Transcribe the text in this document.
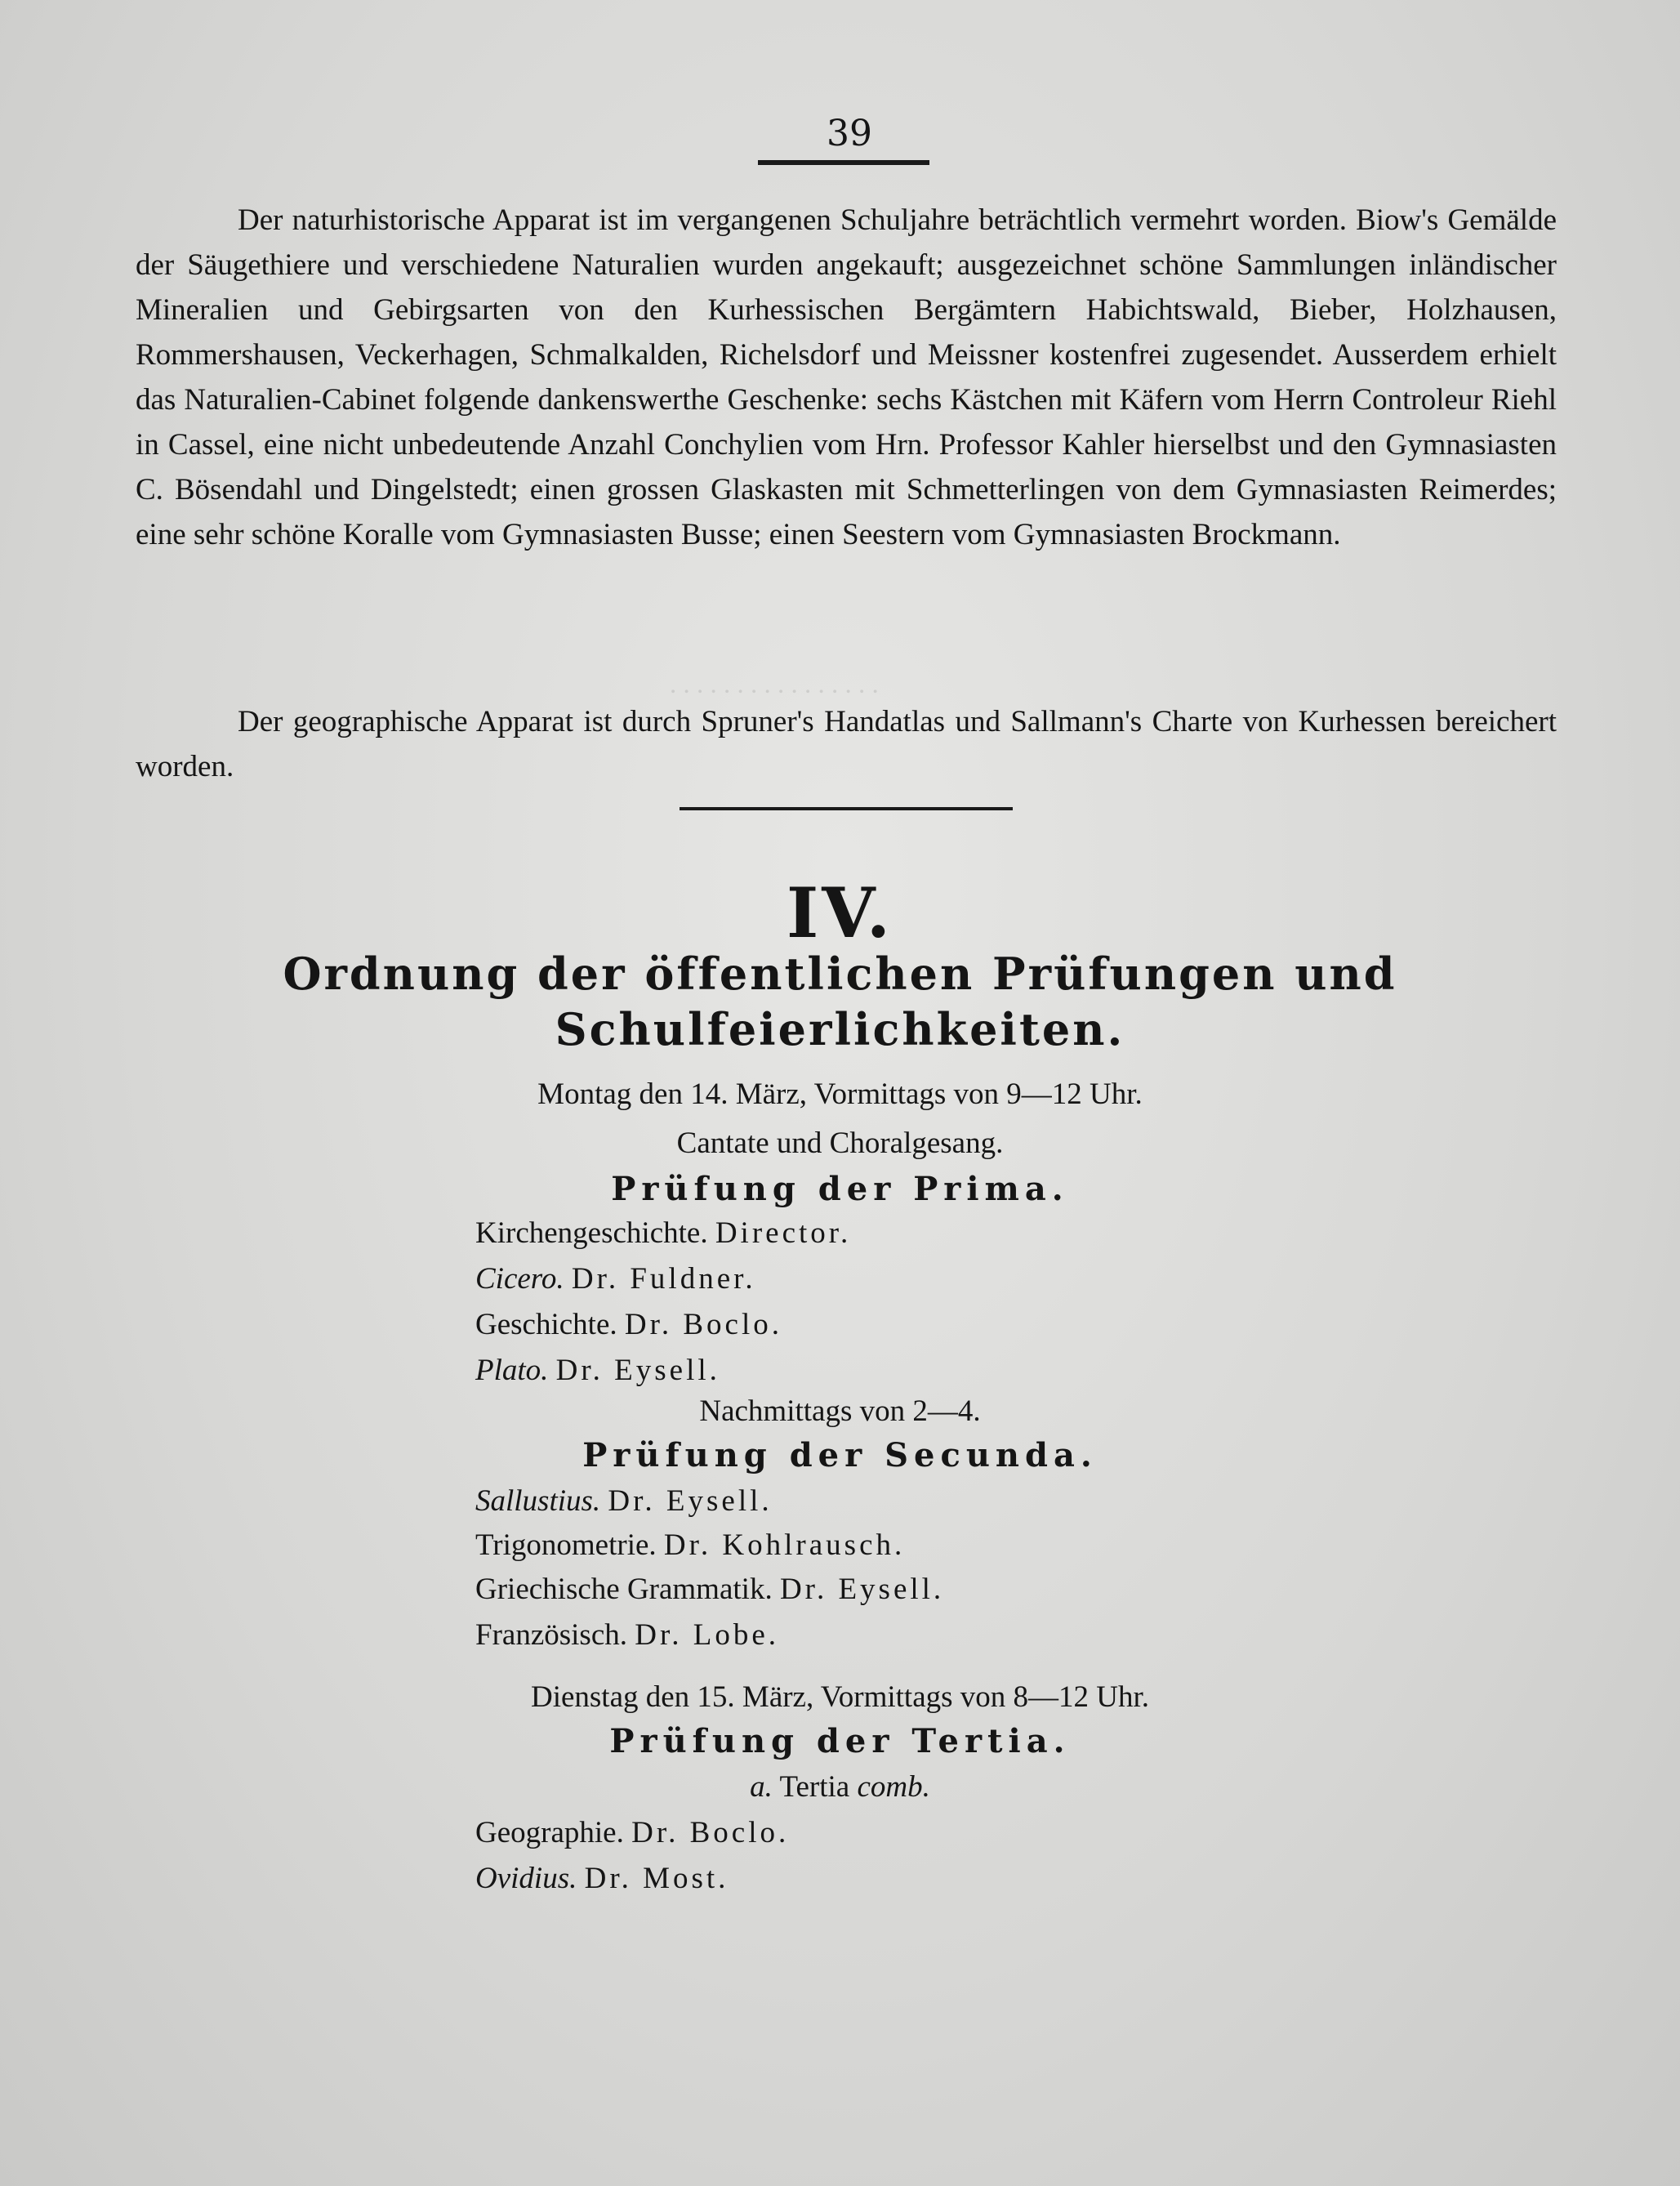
. . . . . . . . . . . . . . . .
39

Der naturhistorische Apparat ist im vergangenen Schuljahre beträchtlich vermehrt worden. Biow's Gemälde der Säugethiere und verschiedene Naturalien wurden angekauft; ausgezeichnet schöne Sammlungen inländischer Mineralien und Gebirgsarten von den Kurhessischen Bergämtern Habichtswald, Bieber, Holzhausen, Rommershausen, Veckerhagen, Schmalkalden, Richelsdorf und Meissner kostenfrei zugesendet. Ausserdem erhielt das Naturalien-Cabinet folgende dankenswerthe Geschenke: sechs Kästchen mit Käfern vom Herrn Controleur Riehl in Cassel, eine nicht unbedeutende Anzahl Conchylien vom Hrn. Professor Kahler hierselbst und den Gymnasiasten C. Bösendahl und Dingelstedt; einen grossen Glaskasten mit Schmetterlingen von dem Gymnasiasten Reimerdes; eine sehr schöne Koralle vom Gymnasiasten Busse; einen Seestern vom Gymnasiasten Brockmann.

Der geographische Apparat ist durch Spruner's Handatlas und Sallmann's Charte von Kurhessen bereichert worden.

IV.
Ordnung der öffentlichen Prüfungen und
Schulfeierlichkeiten.
Montag den 14. März, Vormittags von 9—12 Uhr.
Cantate und Choralgesang.
Prüfung der Prima.
Kirchengeschichte. Director.
Cicero. Dr. Fuldner.
Geschichte. Dr. Boclo.
Plato. Dr. Eysell.
Nachmittags von 2—4.
Prüfung der Secunda.
Sallustius. Dr. Eysell.
Trigonometrie. Dr. Kohlrausch.
Griechische Grammatik. Dr. Eysell.
Französisch. Dr. Lobe.
Dienstag den 15. März, Vormittags von 8—12 Uhr.
Prüfung der Tertia.
a. Tertia comb.
Geographie. Dr. Boclo.
Ovidius. Dr. Most.
